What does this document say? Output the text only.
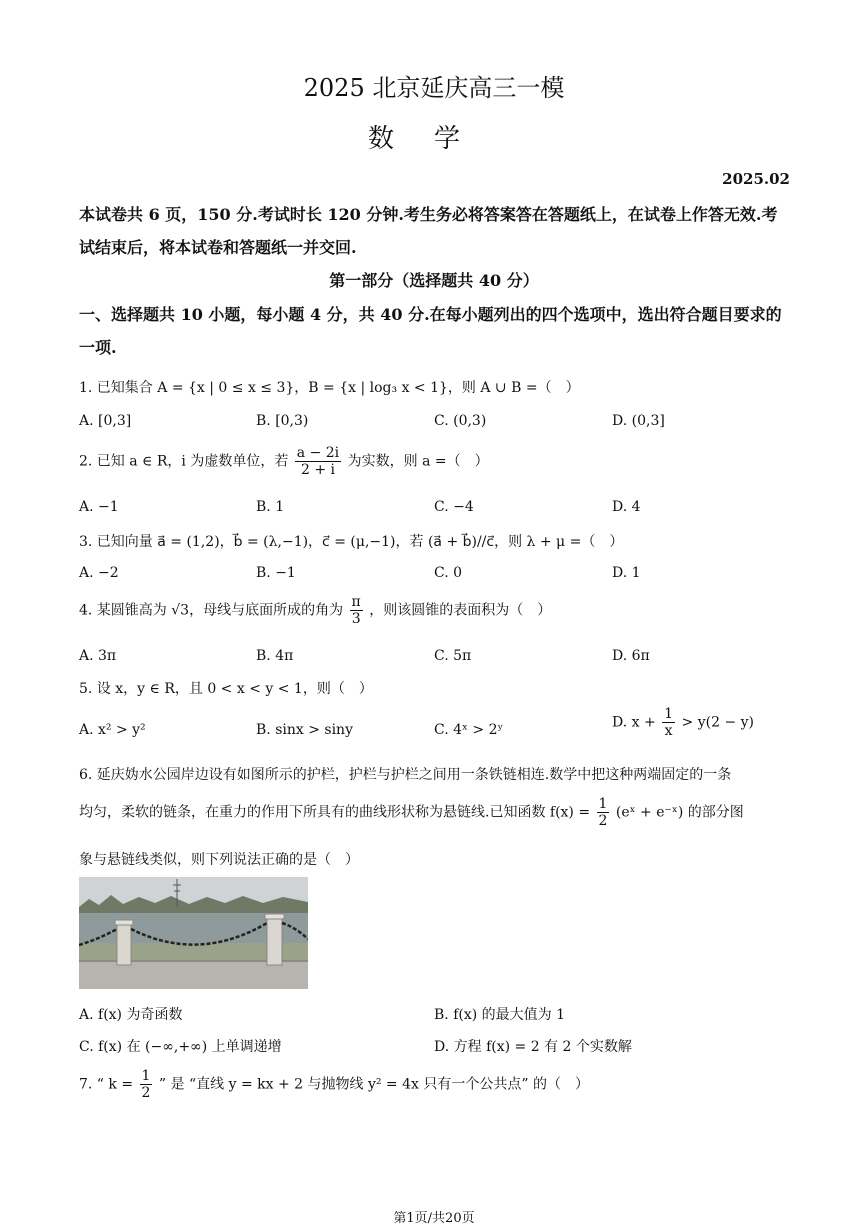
2025 北京延庆高三一模
数学
2025.02
本试卷共 6 页，150 分.考试时长 120 分钟.考生务必将答案答在答题纸上，在试卷上作答无效.考试结束后，将本试卷和答题纸一并交回.
第一部分（选择题共 40 分）
一、选择题共 10 小题，每小题 4 分，共 40 分.在每小题列出的四个选项中，选出符合题目要求的一项.
1. 已知集合 A = {x | 0 ≤ x ≤ 3}，B = {x | log₃ x < 1}，则 A ∪ B =（　）
A. [0,3]	B. [0,3)	C. (0,3)	D. (0,3]
2. 已知 a ∈ R，i 为虚数单位，若 $\frac{a - 2i}{2 + i}$ 为实数，则 a =（　）
A. −1	B. 1	C. −4	D. 4
3. 已知向量 a⃗ = (1,2)，b⃗ = (λ,−1)，c⃗ = (μ,−1)，若 (a⃗ + b⃗)//c⃗，则 λ + μ =（　）
A. −2	B. −1	C. 0	D. 1
4. 某圆锥高为 √3，母线与底面所成的角为 $\frac{\pi}{3}$ ，则该圆锥的表面积为（　）
A. 3π	B. 4π	C. 5π	D. 6π
5. 设 x，y ∈ R，且 0 < x < y < 1，则（　）
A. x² > y²	B. sinx > siny	C. 4ˣ > 2ʸ	D. $x + \frac{1}{x} > y(2 - y)$
6. 延庆妫水公园岸边设有如图所示的护栏，护栏与护栏之间用一条铁链相连.数学中把这种两端固定的一条
均匀，柔软的链条，在重力的作用下所具有的曲线形状称为悬链线.已知函数 $f(x) = \frac{1}{2}$ (eˣ + e⁻ˣ) 的部分图
象与悬链线类似，则下列说法正确的是（　）
A. f(x) 为奇函数	B. f(x) 的最大值为 1
C. f(x) 在 (−∞,+∞) 上单调递增	D. 方程 f(x) = 2 有 2 个实数解
7. “ $k = \frac{1}{2}$ ” 是 “直线 y = kx + 2 与抛物线 y² = 4x 只有一个公共点” 的（　）
第1页/共20页
